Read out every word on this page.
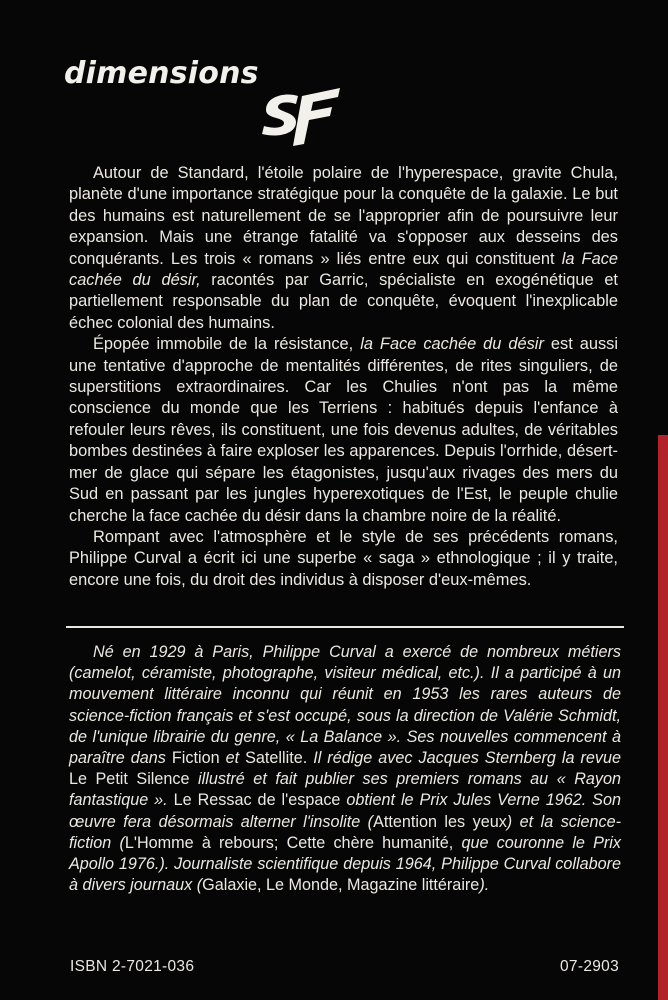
dimensions

Autour de Standard, l'étoile polaire de l'hyperespace, gravite Chula, planète d'une importance stratégique pour la conquête de la galaxie. Le but des humains est naturellement de se l'approprier afin de poursuivre leur expansion. Mais une étrange fatalité va s'opposer aux desseins des conquérants. Les trois « romans » liés entre eux qui constituent la Face cachée du désir, racontés par Garric, spécialiste en exogénétique et partiellement responsable du plan de conquête, évoquent l'inexplicable échec colonial des humains.

Épopée immobile de la résistance, la Face cachée du désir est aussi une tentative d'approche de mentalités différentes, de rites singuliers, de superstitions extraordinaires. Car les Chulies n'ont pas la même conscience du monde que les Terriens : habitués depuis l'enfance à refouler leurs rêves, ils constituent, une fois devenus adultes, de véritables bombes destinées à faire exploser les apparences. Depuis l'orrhide, désert-mer de glace qui sépare les étagonistes, jusqu'aux rivages des mers du Sud en passant par les jungles hyperexotiques de l'Est, le peuple chulie cherche la face cachée du désir dans la chambre noire de la réalité.

Rompant avec l'atmosphère et le style de ses précédents romans, Philippe Curval a écrit ici une superbe « saga » ethnologique ; il y traite, encore une fois, du droit des individus à disposer d'eux-mêmes.

Né en 1929 à Paris, Philippe Curval a exercé de nombreux métiers (camelot, céramiste, photographe, visiteur médical, etc.). Il a participé à un mouvement littéraire inconnu qui réunit en 1953 les rares auteurs de science-fiction français et s'est occupé, sous la direction de Valérie Schmidt, de l'unique librairie du genre, « La Balance ». Ses nouvelles commencent à paraître dans Fiction et Satellite. Il rédige avec Jacques Sternberg la revue Le Petit Silence illustré et fait publier ses premiers romans au « Rayon fantastique ». Le Ressac de l'espace obtient le Prix Jules Verne 1962. Son œuvre fera désormais alterner l'insolite (Attention les yeux) et la science-fiction (L'Homme à rebours; Cette chère humanité, que couronne le Prix Apollo 1976.). Journaliste scientifique depuis 1964, Philippe Curval collabore à divers journaux (Galaxie, Le Monde, Magazine littéraire).

ISBN 2-7021-036	07-2903
